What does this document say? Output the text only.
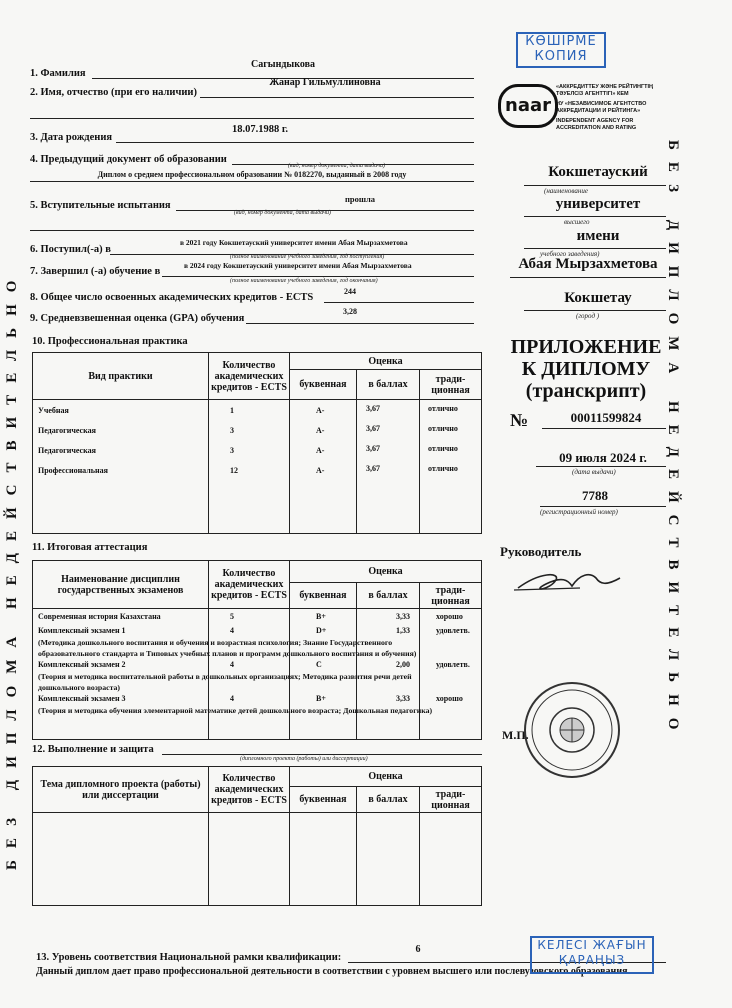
БЕЗ ДИПЛОМА НЕДЕЙСТВИТЕЛЬНО	БЕЗ ДИПЛОМА НЕДЕЙСТВИТЕЛЬНО
КӨШІРМЕ
КОПИЯ
naar
«АККРЕДИТТЕУ ЖӘНЕ РЕЙТИНГТІҢ ТӘУЕЛСІЗ АГЕНТТІГІ» КЕМ
НУ «НЕЗАВИСИМОЕ АГЕНТСТВО АККРЕДИТАЦИИ И РЕЙТИНГА»
INDEPENDENT AGENCY FOR ACCREDITATION AND RATING
1. Фамилия
Сагындыкова
2. Имя, отчество (при его наличии)
Жанар Гильмуллиновна
3. Дата рождения
18.07.1988 г.
4. Предыдущий документ об образовании
(вид, номер документа, дата выдачи)
Диплом о среднем профессиональном образовании № 0182270, выданный в 2008 году
5. Вступительные испытания
прошла
(вид, номер документа, дата выдачи)
6. Поступил(-а) в
в 2021 году Кокшетауский университет имени Абая Мырзахметова
(полное наименование учебного заведения, год поступления)
7. Завершил (-а) обучение в
в 2024 году Кокшетауский университет имени Абая Мырзахметова
(полное наименование учебного заведения, год окончания)
8. Общее число освоенных академических кредитов - ECTS
244
9. Средневзвешенная оценка (GPA) обучения
3,28
10. Профессиональная практика
Вид практики	Количество академических кредитов - ECTS	Оценка		
		буквенная	в баллах	тради-ционная

Учебная	1	A-	3,67	отлично
Педагогическая	3	A-	3,67	отлично
Педагогическая	3	A-	3,67	отлично
Профессиональная	12	A-	3,67	отлично
11. Итоговая аттестация
Наименование дисциплин государственных экзаменов	Количество академических кредитов - ECTS	Оценка		
		буквенная	в баллах	тради-ционная

Современная история Казахстана	5	B+	3,33	хорошо
Комплексный экзамен 1	4	D+	1,33	удовлетв.
(Методика дошкольного воспитания и обучения и возрастная психология; Знание Государственного
образовательного стандарта и Типовых учебных планов и программ дошкольного воспитания и обучения)
Комплексный экзамен 2	4	C	2,00	удовлетв.
(Теория и методика воспитательной работы в дошкольных организациях; Методика развития речи детей
дошкольного возраста)
Комплексный экзамен 3	4	B+	3,33	хорошо
(Теория и методика обучения элементарной математике детей дошкольного возраста; Дошкольная педагогика)
12. Выполнение и защита
(дипломного проекта (работы) или диссертации)
Тема дипломного проекта (работы) или диссертации	Количество академических кредитов - ECTS	Оценка		
		буквенная	в баллах	тради-ционная

13. Уровень соответствия Национальной рамки квалификации:
6
Данный диплом дает право профессиональной деятельности в соответствии с уровнем высшего или послевузовского образования
КЕЛЕСІ ЖАҒЫН
ҚАРАҢЫЗ
Кокшетауский
(наименование
университет
высшего
имени
учебного заведения)
Абая Мырзахметова
Кокшетау
(город )
ПРИЛОЖЕНИЕ
К ДИПЛОМУ
(транскрипт)
№	00011599824
09 июля 2024 г.
(дата выдачи)
7788
(регистрационный номер)
Руководитель
М.П.
